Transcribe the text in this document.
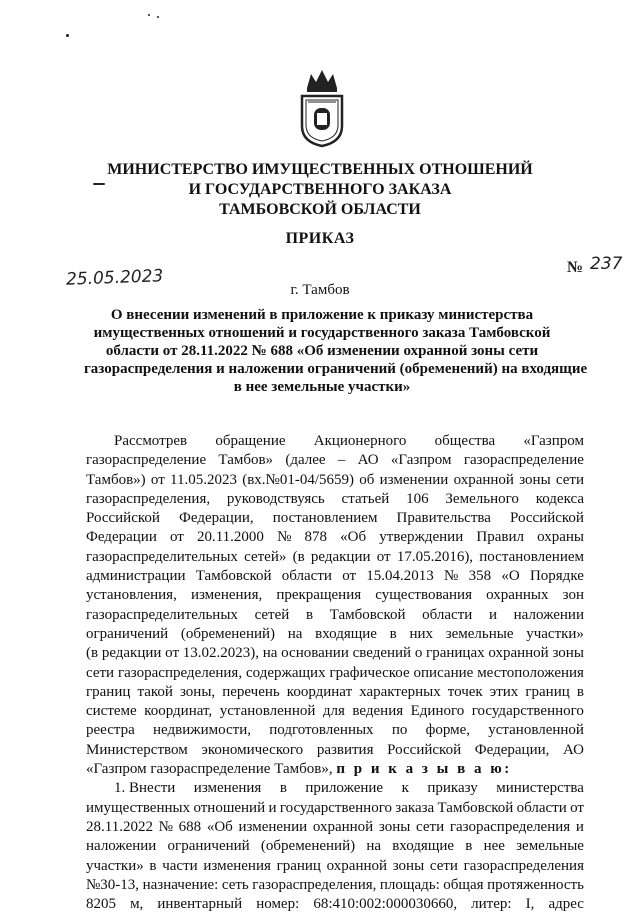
МИНИСТЕРСТВО ИМУЩЕСТВЕННЫХ ОТНОШЕНИЙ
И ГОСУДАРСТВЕННОГО ЗАКАЗА
ТАМБОВСКОЙ ОБЛАСТИ
ПРИКАЗ
25.05.2023	№ 237
г. Тамбов
О внесении изменений в приложение к приказу министерства
имущественных отношений и государственного заказа Тамбовской
области от 28.11.2022 № 688 «Об изменении охранной зоны сети
газораспределения и наложении ограничений (обременений) на входящие
в нее земельные участки»
Рассмотрев обращение Акционерного общества «Газпром
газораспределение Тамбов» (далее – АО «Газпром газораспределение
Тамбов») от 11.05.2023 (вх.№01-04/5659) об изменении охранной зоны сети
газораспределения, руководствуясь статьей 106 Земельного кодекса
Российской Федерации, постановлением Правительства Российской
Федерации от 20.11.2000 № 878 «Об утверждении Правил охраны
газораспределительных сетей» (в редакции от 17.05.2016), постановлением
администрации Тамбовской области от 15.04.2013 № 358 «О Порядке
установления, изменения, прекращения существования охранных зон
газораспределительных сетей в Тамбовской области и наложении
ограничений (обременений) на входящие в них земельные участки»
(в редакции от 13.02.2023), на основании сведений о границах охранной зоны
сети газораспределения, содержащих графическое описание местоположения
границ такой зоны, перечень координат характерных точек этих границ в
системе координат, установленной для ведения Единого государственного
реестра недвижимости, подготовленных по форме, установленной
Министерством экономического развития Российской Федерации, АО
«Газпром газораспределение Тамбов», п р и к а з ы в а ю:
1. Внести изменения в приложение к приказу министерства
имущественных отношений и государственного заказа Тамбовской области от
28.11.2022 № 688 «Об изменении охранной зоны сети газораспределения и
наложении ограничений (обременений) на входящие в нее земельные
участки» в части изменения границ охранной зоны сети газораспределения
№30-13, назначение: сеть газораспределения, площадь: общая протяженность
8205 м, инвентарный номер: 68:410:002:000030660, литер: I, адрес
